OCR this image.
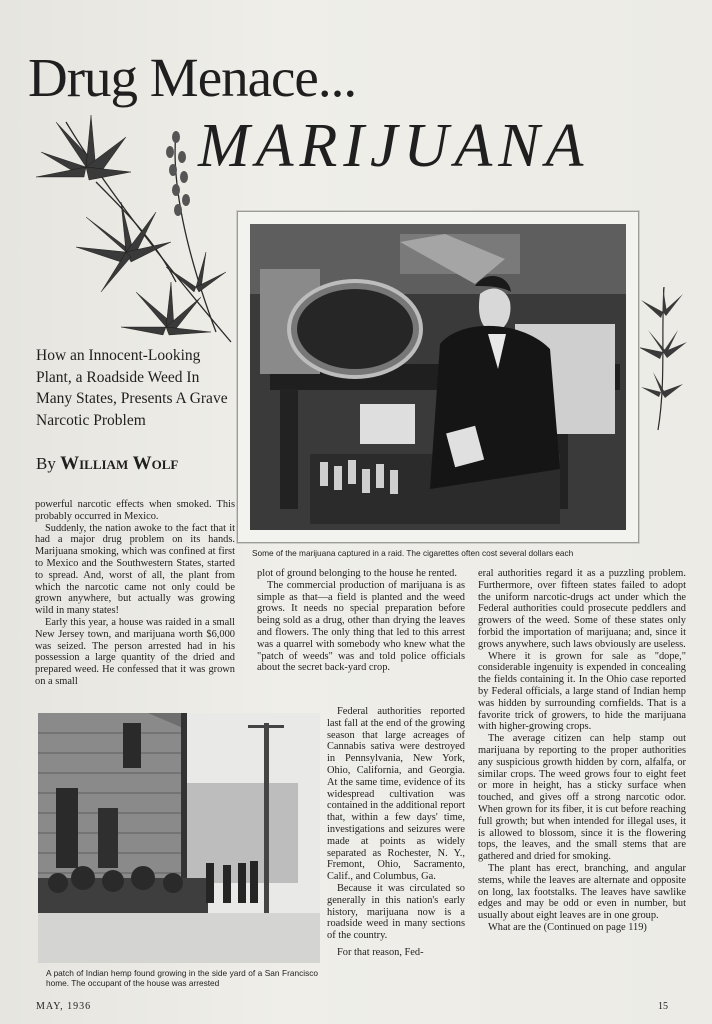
Drug Menace...
MARIJUANA
How an Innocent-Looking Plant, a Roadside Weed In Many States, Presents A Grave Narcotic Problem
By William Wolf
Some of the marijuana captured in a raid. The cigarettes often cost several dollars each
A patch of Indian hemp found growing in the side yard of a San Francisco home. The occupant of the house was arrested

powerful narcotic effects when smoked. This probably occurred in Mexico.

Suddenly, the nation awoke to the fact that it had a major drug problem on its hands. Marijuana smoking, which was confined at first to Mexico and the Southwestern States, started to spread. And, worst of all, the plant from which the narcotic came not only could be grown anywhere, but actually was growing wild in many states!

Early this year, a house was raided in a small New Jersey town, and marijuana worth $6,000 was seized. The person arrested had in his possession a large quantity of the dried and prepared weed. He confessed that it was grown on a small

plot of ground belonging to the house he rented.

The commercial production of marijuana is as simple as that—a field is planted and the weed grows. It needs no special preparation before being sold as a drug, other than drying the leaves and flowers. The only thing that led to this arrest was a quarrel with somebody who knew what the "patch of weeds" was and told police officials about the secret back-yard crop.

Federal authorities reported last fall at the end of the growing season that large acreages of Cannabis sativa were destroyed in Pennsylvania, New York, Ohio, California, and Georgia. At the same time, evidence of its widespread cultivation was contained in the additional report that, within a few days' time, investigations and seizures were made at points as widely separated as Rochester, N. Y., Fremont, Ohio, Sacramento, Calif., and Columbus, Ga.

Because it was circulated so generally in this nation's early history, marijuana now is a roadside weed in many sections of the country.

For that reason, Fed-

eral authorities regard it as a puzzling problem. Furthermore, over fifteen states failed to adopt the uniform narcotic-drugs act under which the Federal authorities could prosecute peddlers and growers of the weed. Some of these states only forbid the importation of marijuana; and, since it grows anywhere, such laws obviously are useless.

Where it is grown for sale as "dope," considerable ingenuity is expended in concealing the fields containing it. In the Ohio case reported by Federal officials, a large stand of Indian hemp was hidden by surrounding cornfields. That is a favorite trick of growers, to hide the marijuana with higher-growing crops.

The average citizen can help stamp out marijuana by reporting to the proper authorities any suspicious growth hidden by corn, alfalfa, or similar crops. The weed grows four to eight feet or more in height, has a sticky surface when touched, and gives off a strong narcotic odor. When grown for its fiber, it is cut before reaching full growth; but when intended for illegal uses, it is allowed to blossom, since it is the flowering tops, the leaves, and the small stems that are gathered and dried for smoking.

The plant has erect, branching, and angular stems, while the leaves are alternate and opposite on long, lax footstalks. The leaves have sawlike edges and may be odd or even in number, but usually about eight leaves are in one group.

What are the (Continued on page 119)

MAY, 1936	15
